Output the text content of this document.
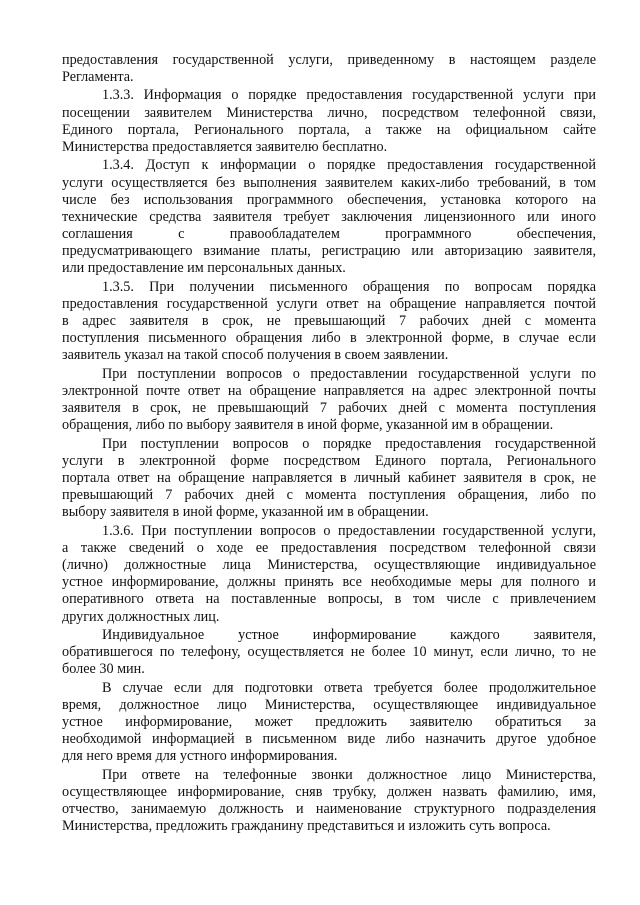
предоставления государственной услуги, приведенному в настоящем разделе
Регламента.
1.3.3. Информация о порядке предоставления государственной услуги при
посещении заявителем Министерства лично, посредством телефонной связи,
Единого портала, Регионального портала, а также на официальном сайте
Министерства предоставляется заявителю бесплатно.
1.3.4. Доступ к информации о порядке предоставления государственной
услуги осуществляется без выполнения заявителем каких-либо требований, в том
числе без использования программного обеспечения, установка которого на
технические средства заявителя требует заключения лицензионного или иного
соглашения с правообладателем программного обеспечения,
предусматривающего взимание платы, регистрацию или авторизацию заявителя,
или предоставление им персональных данных.
1.3.5. При получении письменного обращения по вопросам порядка
предоставления государственной услуги ответ на обращение направляется почтой
в адрес заявителя в срок, не превышающий 7 рабочих дней с момента
поступления письменного обращения либо в электронной форме, в случае если
заявитель указал на такой способ получения в своем заявлении.
При поступлении вопросов о предоставлении государственной услуги по
электронной почте ответ на обращение направляется на адрес электронной почты
заявителя в срок, не превышающий 7 рабочих дней с момента поступления
обращения, либо по выбору заявителя в иной форме, указанной им в обращении.
При поступлении вопросов о порядке предоставления государственной
услуги в электронной форме посредством Единого портала, Регионального
портала ответ на обращение направляется в личный кабинет заявителя в срок, не
превышающий 7 рабочих дней с момента поступления обращения, либо по
выбору заявителя в иной форме, указанной им в обращении.
1.3.6. При поступлении вопросов о предоставлении государственной услуги,
а также сведений о ходе ее предоставления посредством телефонной связи
(лично) должностные лица Министерства, осуществляющие индивидуальное
устное информирование, должны принять все необходимые меры для полного и
оперативного ответа на поставленные вопросы, в том числе с привлечением
других должностных лиц.
Индивидуальное устное информирование каждого заявителя,
обратившегося по телефону, осуществляется не более 10 минут, если лично, то не
более 30 мин.
В случае если для подготовки ответа требуется более продолжительное
время, должностное лицо Министерства, осуществляющее индивидуальное
устное информирование, может предложить заявителю обратиться за
необходимой информацией в письменном виде либо назначить другое удобное
для него время для устного информирования.
При ответе на телефонные звонки должностное лицо Министерства,
осуществляющее информирование, сняв трубку, должен назвать фамилию, имя,
отчество, занимаемую должность и наименование структурного подразделения
Министерства, предложить гражданину представиться и изложить суть вопроса.
